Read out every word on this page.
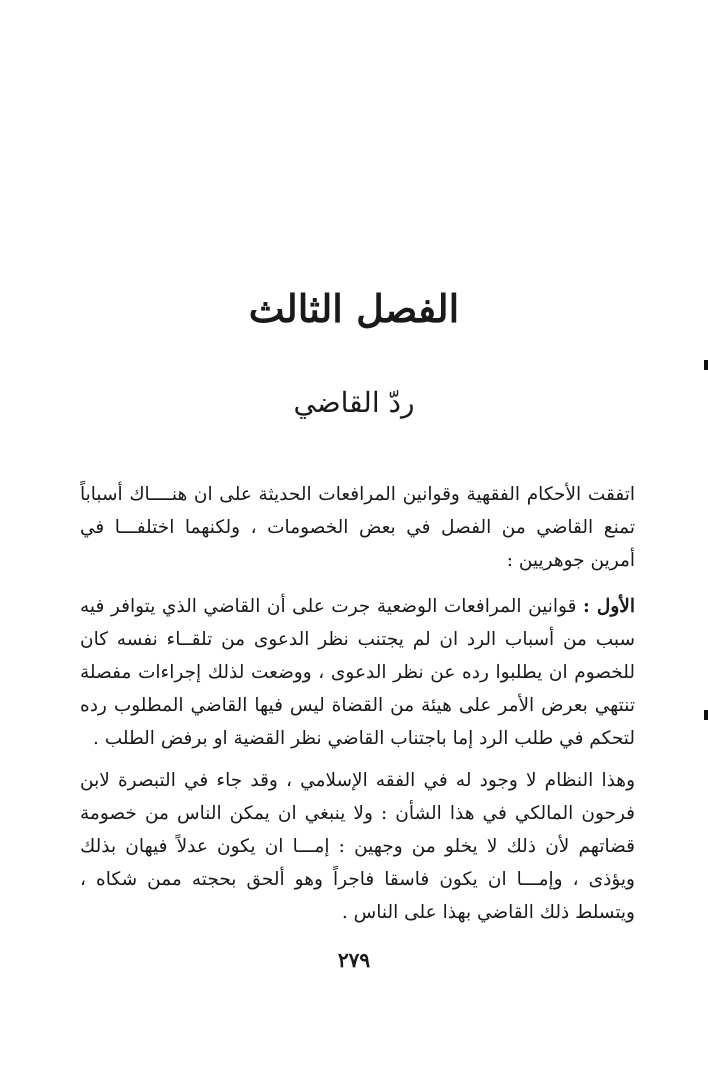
الفصل الثالث
ردّ القاضي

اتفقت الأحكام الفقهية وقوانين المرافعات الحديثة على ان هنــــاك أسباباً تمنع القاضي من الفصل في بعض الخصومات ، ولكنهما اختلفـــا في أمرين جوهريين :

الأول : قوانين المرافعات الوضعية جرت على أن القاضي الذي يتوافر فيه سبب من أسباب الرد ان لم يجتنب نظر الدعوى من تلقــاء نفسه كان للخصوم ان يطلبوا رده عن نظر الدعوى ، ووضعت لذلك إجراءات مفصلة تنتهي بعرض الأمر على هيئة من القضاة ليس فيها القاضي المطلوب رده لتحكم في طلب الرد إما باجتناب القاضي نظر القضية او برفض الطلب .

وهذا النظام لا وجود له في الفقه الإسلامي ، وقد جاء في التبصرة لابن فرحون المالكي في هذا الشأن : ولا ينبغي ان يمكن الناس من خصومة قضاتهم لأن ذلك لا يخلو من وجهين : إمـــا ان يكون عدلاً فيهان بذلك ويؤذى ، وإمـــا ان يكون فاسقا فاجراً وهو ألحق بحجته ممن شكاه ، ويتسلط ذلك القاضي بهذا على الناس .

٢٧٩
